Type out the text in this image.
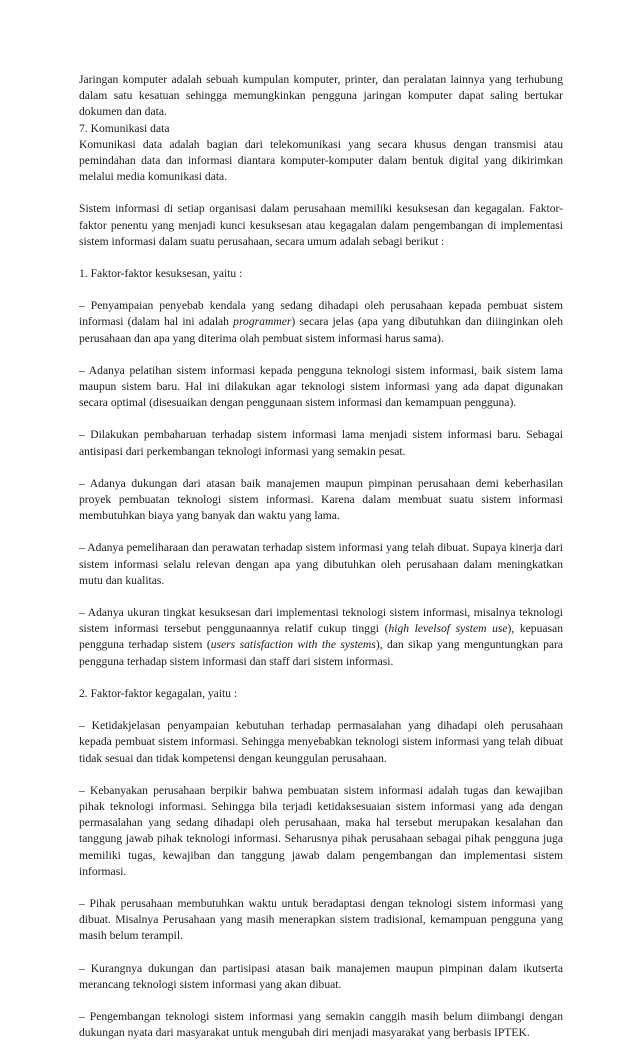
Jaringan komputer adalah sebuah kumpulan komputer, printer, dan peralatan lainnya yang terhubung dalam satu kesatuan sehingga memungkinkan pengguna jaringan komputer dapat saling bertukar dokumen dan data.

7. Komunikasi data

Komunikasi data adalah bagian dari telekomunikasi yang secara khusus dengan transmisi atau pemindahan data dan informasi diantara komputer-komputer dalam bentuk digital yang dikirimkan melalui media komunikasi data.

Sistem informasi di setiap organisasi dalam perusahaan memiliki kesuksesan dan kegagalan. Faktor-faktor penentu yang menjadi kunci kesuksesan atau kegagalan dalam pengembangan di implementasi sistem informasi dalam suatu perusahaan, secara umum adalah sebagi berikut :

1. Faktor-faktor kesuksesan, yaitu :

– Penyampaian penyebab kendala yang sedang dihadapi oleh perusahaan kepada pembuat sistem informasi (dalam hal ini adalah programmer) secara jelas (apa yang dibutuhkan dan diiinginkan oleh perusahaan dan apa yang diterima olah pembuat sistem informasi harus sama).

– Adanya pelatihan sistem informasi kepada pengguna teknologi sistem informasi, baik sistem lama maupun sistem baru. Hal ini dilakukan agar teknologi sistem informasi yang ada dapat digunakan secara optimal (disesuaikan dengan penggunaan sistem informasi dan kemampuan pengguna).

– Dilakukan pembaharuan terhadap sistem informasi lama menjadi sistem informasi baru. Sebagai antisipasi dari perkembangan teknologi informasi yang semakin pesat.

– Adanya dukungan dari atasan baik manajemen maupun pimpinan perusahaan demi keberhasilan proyek pembuatan teknologi sistem informasi. Karena dalam membuat suatu sistem informasi membutuhkan biaya yang banyak dan waktu yang lama.

– Adanya pemeliharaan dan perawatan terhadap sistem informasi yang telah dibuat. Supaya kinerja dari sistem informasi selalu relevan dengan apa yang dibutuhkan oleh perusahaan dalam meningkatkan mutu dan kualitas.

– Adanya ukuran tingkat kesuksesan dari implementasi teknologi sistem informasi, misalnya teknologi sistem informasi tersebut penggunaannya relatif cukup tinggi (high levelsof system use), kepuasan pengguna terhadap sistem (users satisfaction with the systems), dan sikap yang menguntungkan para pengguna terhadap sistem informasi dan staff dari sistem informasi.

2. Faktor-faktor kegagalan, yaitu :

– Ketidakjelasan penyampaian kebutuhan terhadap permasalahan yang dihadapi oleh perusahaan kepada pembuat sistem informasi. Sehingga menyebabkan teknologi sistem informasi yang telah dibuat tidak sesuai dan tidak kompetensi dengan keunggulan perusahaan.

– Kebanyakan perusahaan berpikir bahwa pembuatan sistem informasi adalah tugas dan kewajiban pihak teknologi informasi. Sehingga bila terjadi ketidaksesuaian sistem informasi yang ada dengan permasalahan yang sedang dihadapi oleh perusahaan, maka hal tersebut merupakan kesalahan dan tanggung jawab pihak teknologi informasi. Seharusnya pihak perusahaan sebagai pihak pengguna juga memiliki tugas, kewajiban dan tanggung jawab dalam pengembangan dan implementasi sistem informasi.

– Pihak perusahaan membutuhkan waktu untuk beradaptasi dengan teknologi sistem informasi yang dibuat. Misalnya Perusahaan yang masih menerapkan sistem tradisional, kemampuan pengguna yang masih belum terampil.

– Kurangnya dukungan dan partisipasi atasan baik manajemen maupun pimpinan dalam ikutserta merancang teknologi sistem informasi yang akan dibuat.

– Pengembangan teknologi sistem informasi yang semakin canggih masih belum diimbangi dengan dukungan nyata dari masyarakat untuk mengubah diri menjadi masyarakat yang berbasis IPTEK.
